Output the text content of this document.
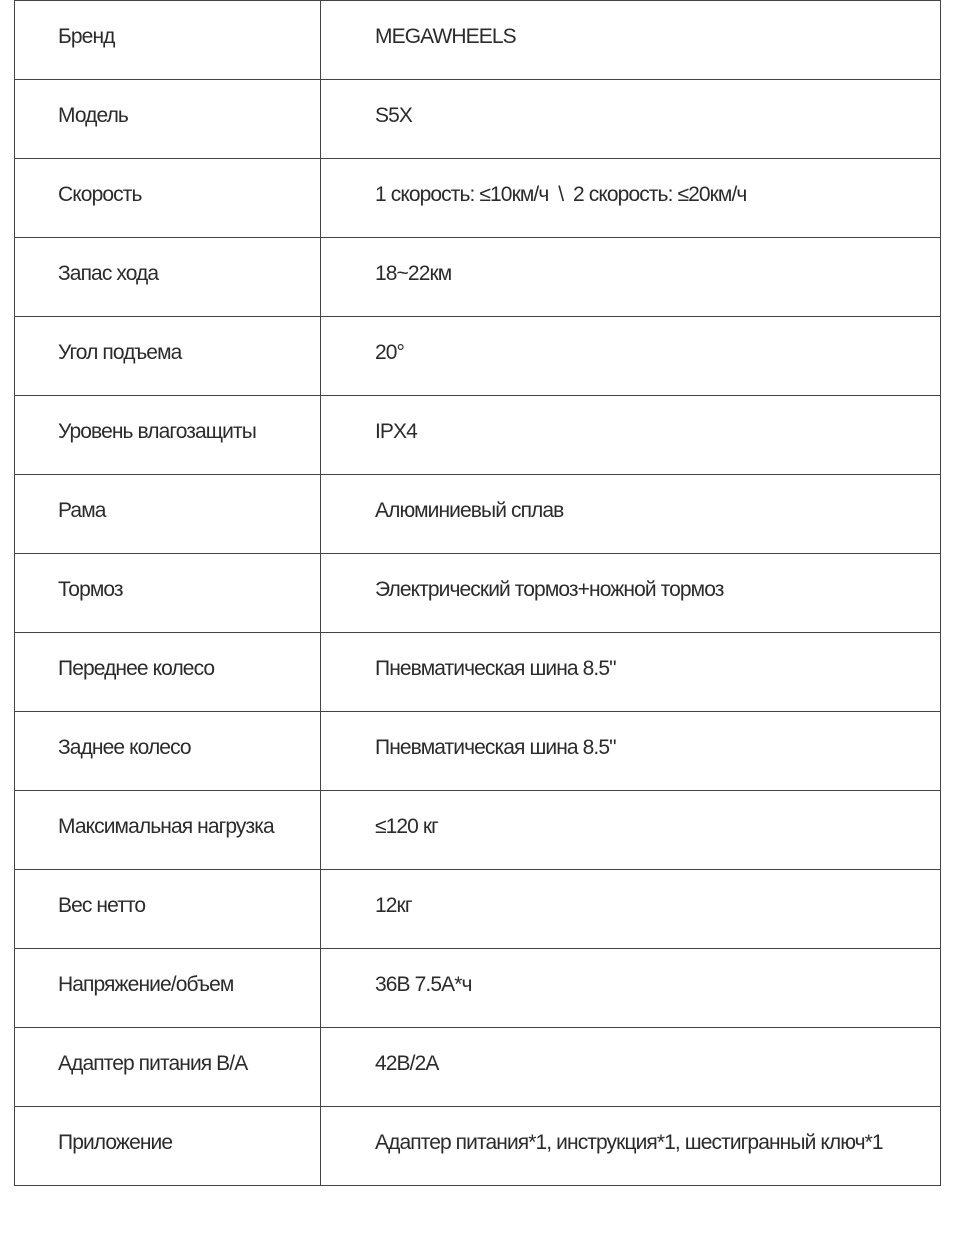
Бренд	MEGAWHEELS
Модель	S5X
Скорость	1 скорость: ≤10км/ч  \  2 скорость: ≤20км/ч
Запас хода	18~22км
Угол подъема	20°
Уровень влагозащиты	IPX4
Рама	Алюминиевый сплав
Тормоз	Электрический тормоз+ножной тормоз
Переднее колесо	Пневматическая шина 8.5"
Заднее колесо	Пневматическая шина 8.5"
Максимальная нагрузка	≤120 кг
Вес нетто	12кг
Напряжение/объем	36В 7.5А*ч
Адаптер питания В/А	42В/2А
Приложение	Адаптер питания*1, инструкция*1, шестигранный ключ*1
